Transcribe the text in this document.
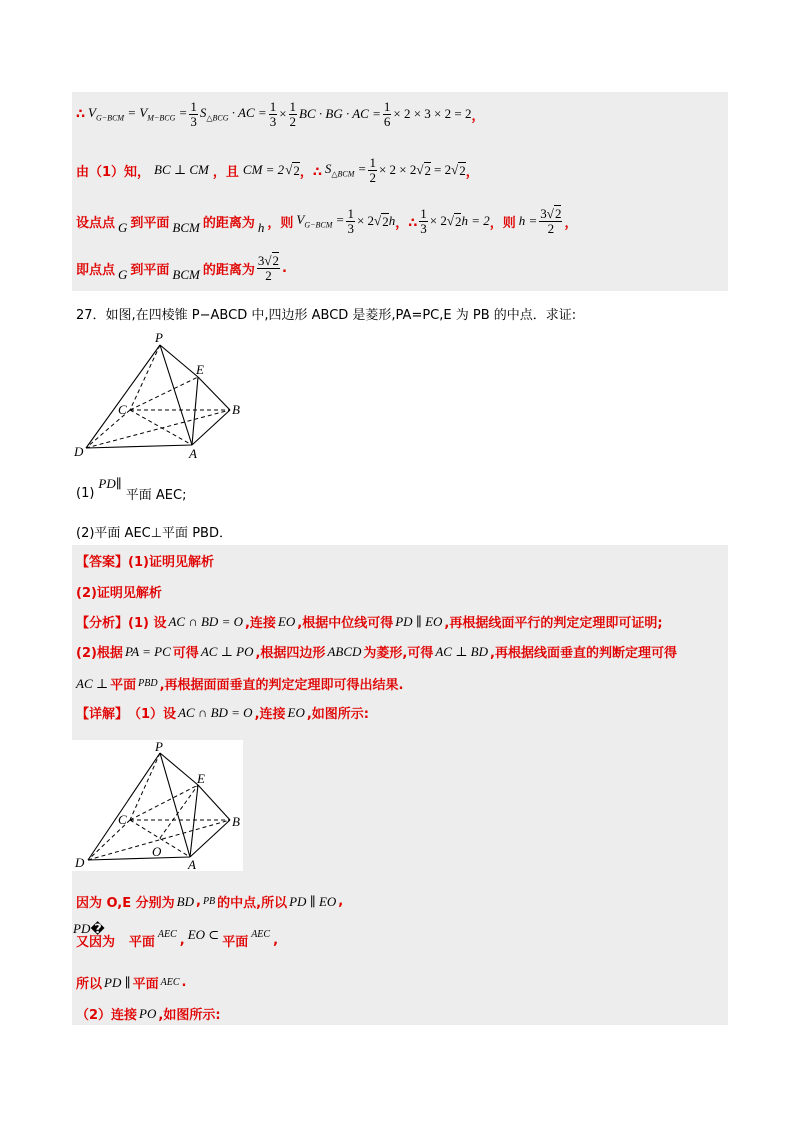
∴ $V_{G-BCM} = V_{M-BCG} = \frac{1}{3} S_{\triangle BCG}$ · AC = $\frac{1}{3} \times \frac{1}{2}$ BC · BG · AC = $\frac{1}{6} \times 2 \times 3 \times 2 = 2$ ，
由（1）知， BC ⊥ CM ，且 CM = 2 √ 2 ，∴ $S_{\triangle BCM} = \frac{1}{2} \times 2 \times 2$ √ 2 = 2 √ 2 ，
设点点 G 到平面 BCM 的距离为 h ，则 $V_{G-BCM} = \frac{1}{3} \times 2$ √ 2 h ，∴ $\frac{1}{3} \times 2$ √ 2 h = 2 ，则 $h = \frac{3√2}{2}$ ，
即点点 G 到平面 BCM 的距离为 $\frac{3√2}{2}$ .
27．如图,在四棱锥 P−ABCD 中,四边形 ABCD 是菱形,PA=PC,E 为 PB 的中点．求证:
P
E
C	B
D	A
(1)
PD∥
平面 AEC;
(2)平面 AEC⊥平面 PBD．
【答案】 (1)证明见解析
(2)证明见解析
【分析】 (1) 设 AC ∩ BD = O ,连接 EO ,根据中位线可得 PD ∥ EO ,再根据线面平行的判定定理即可证明;
(2)根据 PA = PC 可得 AC ⊥ PO ,根据四边形 ABCD 为菱形,可得 AC ⊥ BD ,再根据线面垂直的判断定理可得
AC ⊥ 平面 PBD ,再根据面面垂直的判定定理即可得出结果.
【详解】 （1）设 AC ∩ BD = O ,连接 EO ,如图所示:
P
E
C	B
O
D	A
因为 O,E 分别为 BD , PB 的中点,所以 PD ∥ EO ,
又因为
PD�
平面
AEC , EO ⊂
平面
AEC ,
所以 PD ∥ 平面 AEC .
（2）连接 PO ,如图所示:
